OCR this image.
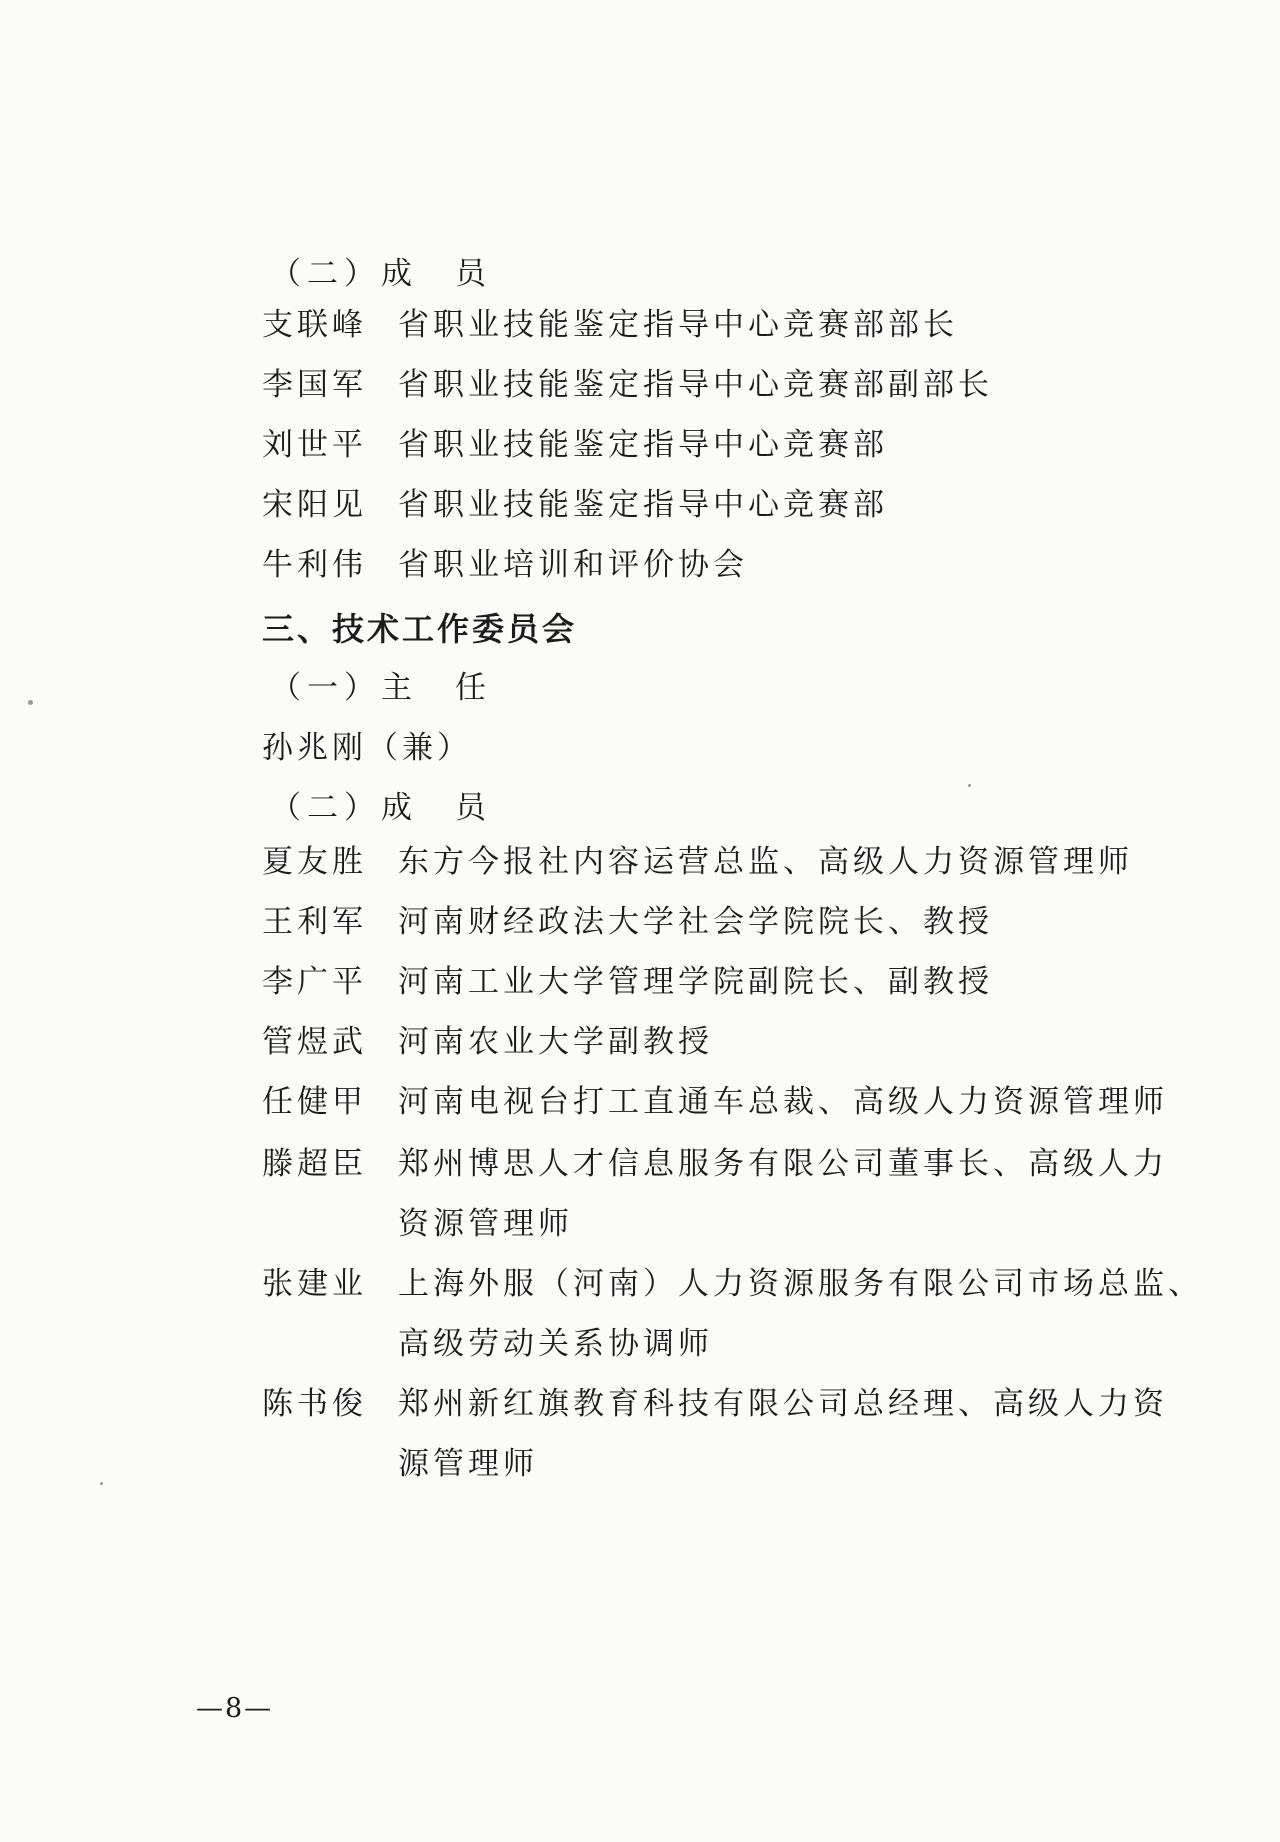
（二）成　员
支联峰 省职业技能鉴定指导中心竞赛部部长
李国军 省职业技能鉴定指导中心竞赛部副部长
刘世平 省职业技能鉴定指导中心竞赛部
宋阳见 省职业技能鉴定指导中心竞赛部
牛利伟 省职业培训和评价协会
三、技术工作委员会
（一）主　任
孙兆刚（兼）
（二）成　员
夏友胜 东方今报社内容运营总监、高级人力资源管理师
王利军 河南财经政法大学社会学院院长、教授
李广平 河南工业大学管理学院副院长、副教授
管煜武 河南农业大学副教授
任健甲 河南电视台打工直通车总裁、高级人力资源管理师
滕超臣 郑州博思人才信息服务有限公司董事长、高级人力
资源管理师
张建业 上海外服（河南）人力资源服务有限公司市场总监、
高级劳动关系协调师
陈书俊 郑州新红旗教育科技有限公司总经理、高级人力资
源管理师
—8—
